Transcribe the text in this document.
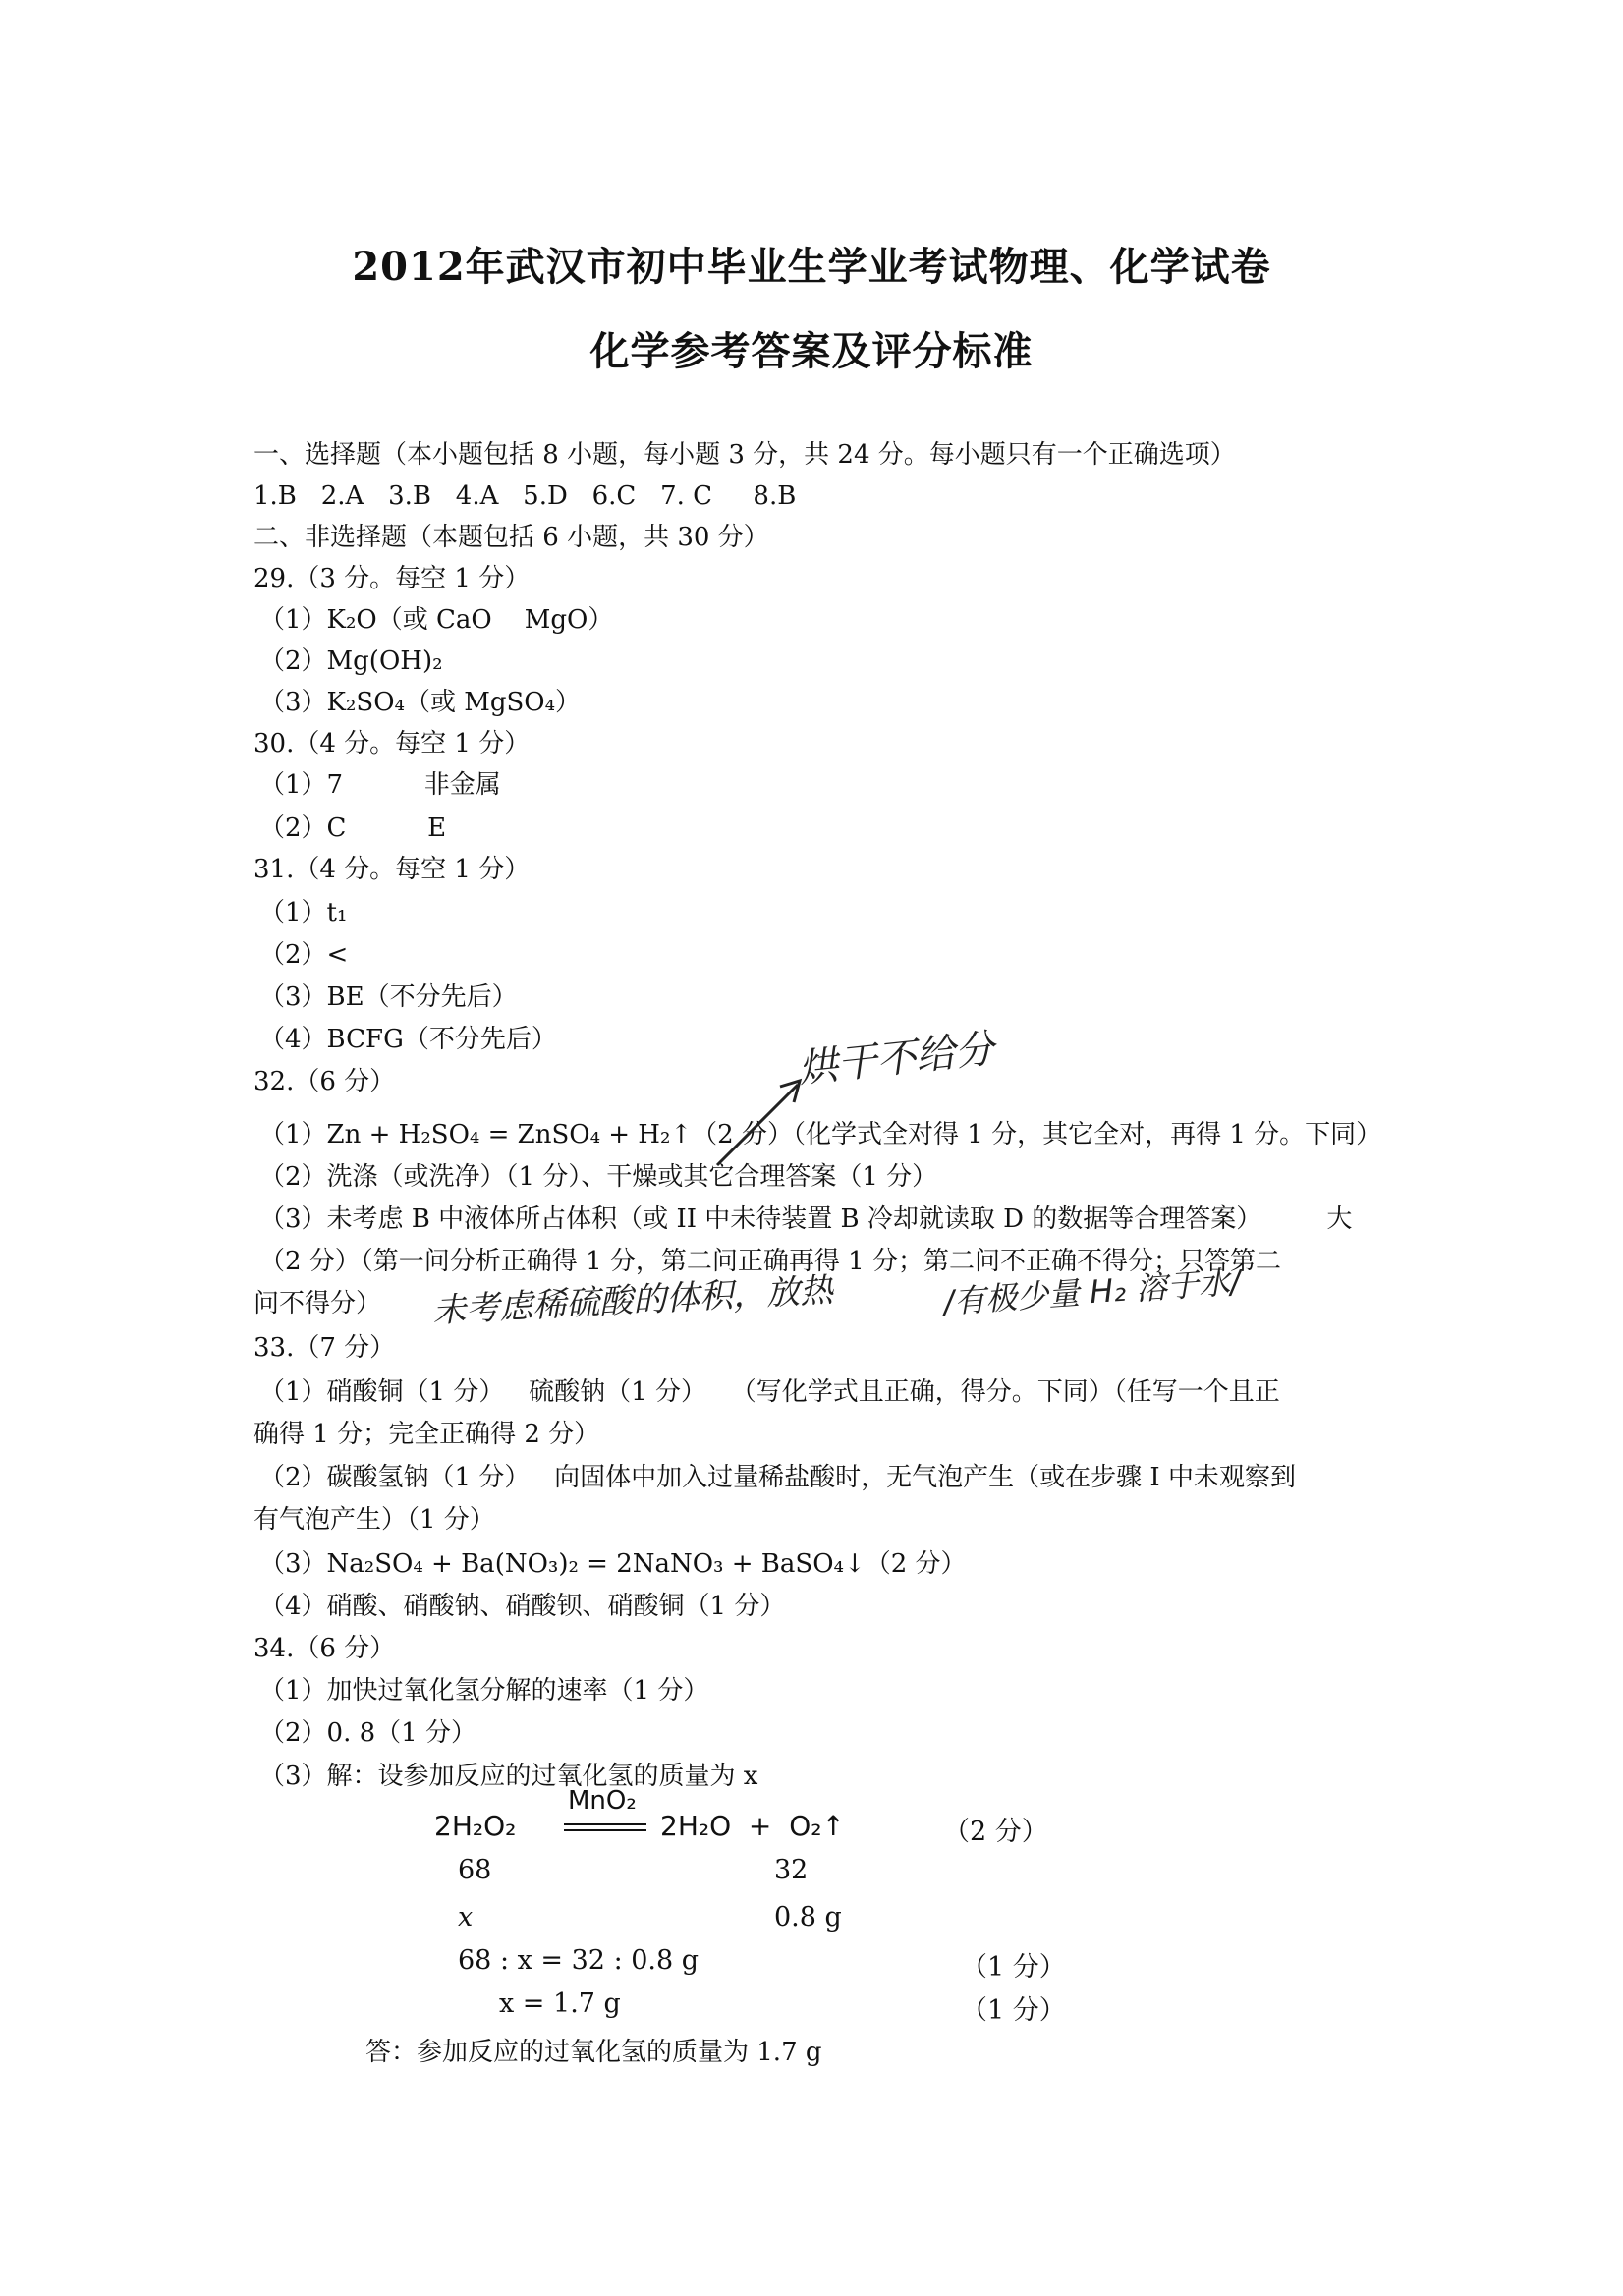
2012年武汉市初中毕业生学业考试物理、化学试卷
化学参考答案及评分标准
一、选择题（本小题包括 8 小题，每小题 3 分，共 24 分。每小题只有一个正确选项）
1.B   2.A   3.B   4.A   5.D   6.C   7. C     8.B
二、非选择题（本题包括 6 小题，共 30 分）
29.（3 分。每空 1 分）
（1）K₂O（或 CaO    MgO）
（2）Mg(OH)₂
（3）K₂SO₄（或 MgSO₄）
30.（4 分。每空 1 分）
（1）7          非金属
（2）C          E
31.（4 分。每空 1 分）
（1）t₁
（2）<
（3）BE（不分先后）
（4）BCFG（不分先后）
32.（6 分）
（1）Zn + H₂SO₄ = ZnSO₄ + H₂↑（2 分）（化学式全对得 1 分，其它全对，再得 1 分。下同）
（2）洗涤（或洗净）（1 分）、干燥或其它合理答案（1 分）
（3）未考虑 B 中液体所占体积（或 II 中未待装置 B 冷却就读取 D 的数据等合理答案）        大
（2 分）（第一问分析正确得 1 分，第二问正确再得 1 分；第二问不正确不得分；只答第二
问不得分）
33.（7 分）
（1）硝酸铜（1 分）   硫酸钠（1 分）   （写化学式且正确，得分。下同）（任写一个且正
确得 1 分；完全正确得 2 分）
（2）碳酸氢钠（1 分）   向固体中加入过量稀盐酸时，无气泡产生（或在步骤 I 中未观察到
有气泡产生）（1 分）
（3）Na₂SO₄ + Ba(NO₃)₂ = 2NaNO₃ + BaSO₄↓（2 分）
（4）硝酸、硝酸钠、硝酸钡、硝酸铜（1 分）
34.（6 分）
（1）加快过氧化氢分解的速率（1 分）
（2）0. 8（1 分）
（3）解：设参加反应的过氧化氢的质量为 x
2H₂O₂
MnO₂
2H₂O  +  O₂↑	（2 分）
68	32
x	0.8 g
68 : x = 32 : 0.8 g	（1 分）
x = 1.7 g	（1 分）
答：参加反应的过氧化氢的质量为 1.7 g
烘干不给分
未考虑稀硫酸的体积，放热	/有极少量 H₂ 溶于水/
